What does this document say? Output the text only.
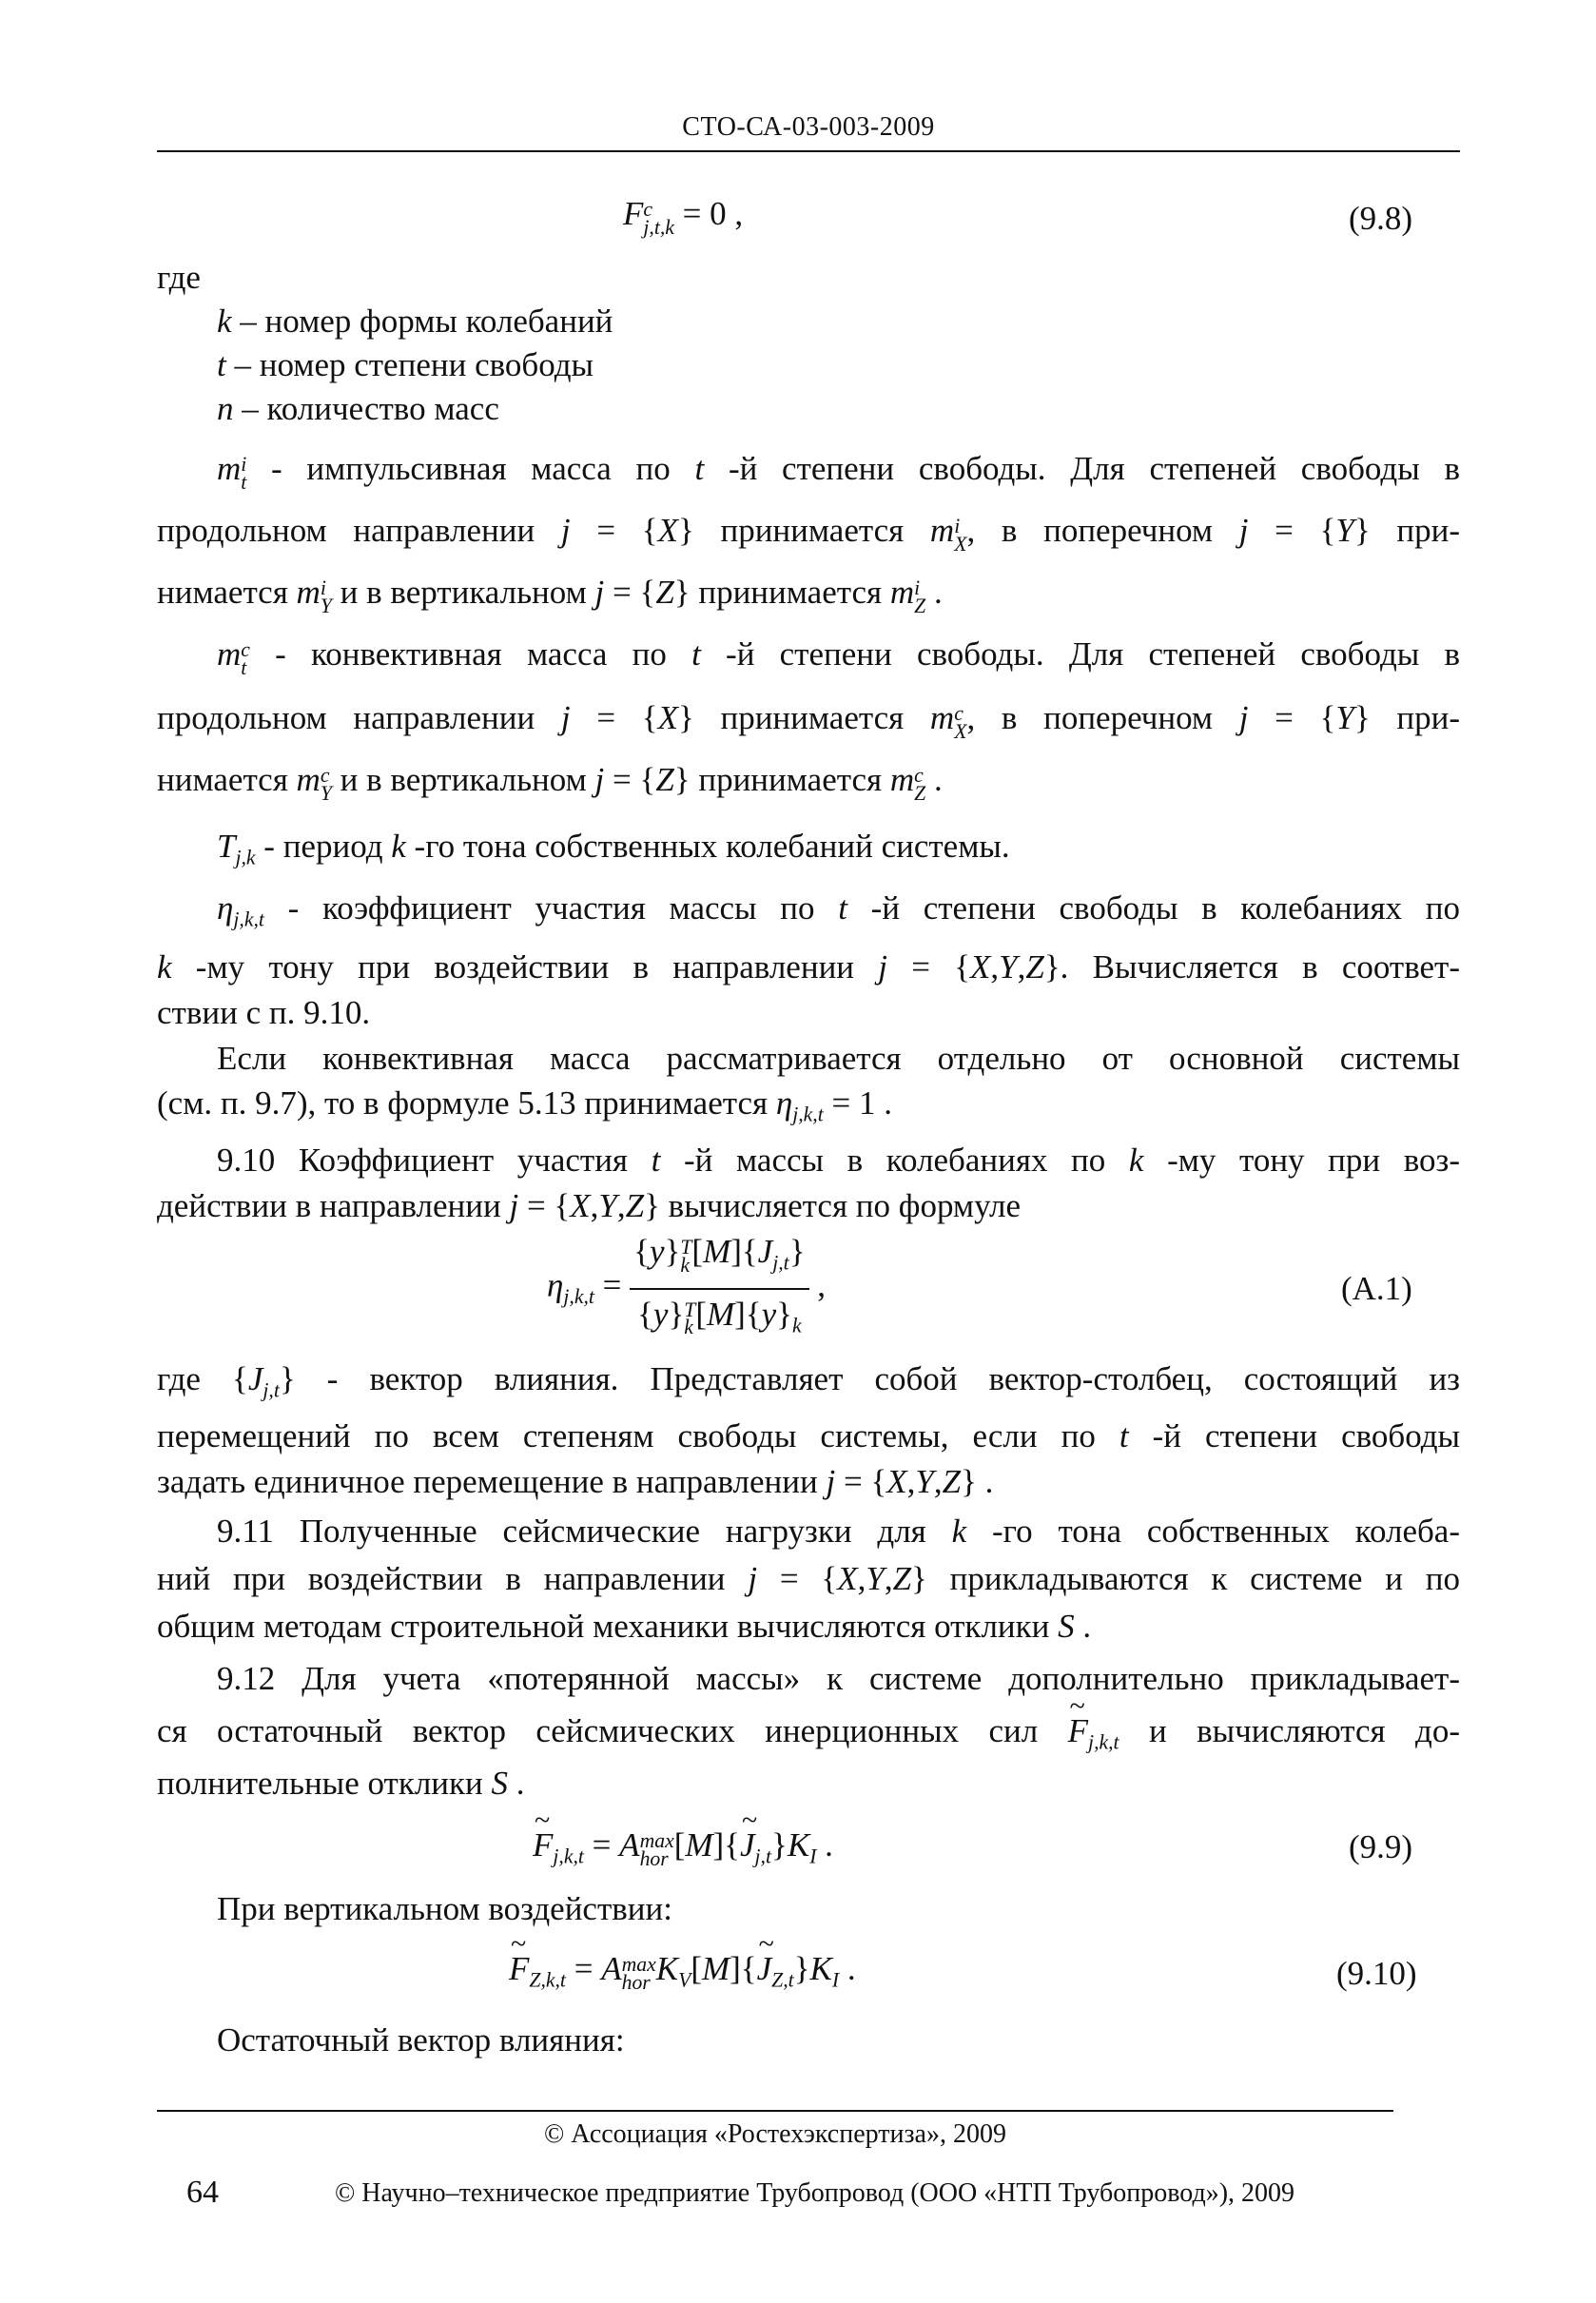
СТО-СА-03-003-2009
Fc
j,t,k = 0 ,	(9.8)
где
k – номер формы колебаний
t – номер степени свободы
n – количество масс
mi
t - импульсивная масса по t -й степени свободы. Для степеней свободы в
продольном направлении j = {X} принимается mi
X, в поперечном j = {Y} при-
нимается mi
Y и в вертикальном j = {Z} принимается mi
Z .
mc
t - конвективная масса по t -й степени свободы. Для степеней свободы в
продольном направлении j = {X} принимается mc
X, в поперечном j = {Y} при-
нимается mc
Y и в вертикальном j = {Z} принимается mc
Z .
$T_{j,k}$ - период k -го тона собственных колебаний системы.
$\eta_{j,k,t}$ - коэффициент участия массы по t -й степени свободы в колебаниях по
k -му тону при воздействии в направлении j = {X,Y,Z}. Вычисляется в соответ-
ствии с п. 9.10.
Если конвективная масса рассматривается отдельно от основной системы
(см. п. 9.7), то в формуле 5.13 принимается $\eta_{j,k,t} = 1$ .
9.10 Коэффициент участия t -й массы в колебаниях по k -му тону при воз-
действии в направлении j = {X,Y,Z} вычисляется по формуле
$\eta_{j,k,t}$ =
{y}T
$k[M]\{J_{j,t}\}$
{y}T
$k[M]\{y\}_k$
,	(A.1)
где $\{J_{j,t}\}$ - вектор влияния. Представляет собой вектор-столбец, состоящий из
перемещений по всем степеням свободы системы, если по t -й степени свободы
задать единичное перемещение в направлении j = {X,Y,Z} .
9.11 Полученные сейсмические нагрузки для k -го тона собственных колеба-
ний при воздействии в направлении j = {X,Y,Z} прикладываются к системе и по
общим методам строительной механики вычисляются отклики S .
9.12 Для учета «потерянной массы» к системе дополнительно прикладывает-
ся остаточный вектор сейсмических инерционных сил ~ $F_{j,k,t}$ и вычисляются до-
полнительные отклики S .
~ $F_{j,k,t} = Amax$
hor [M]{~ $J_{j,t}\}K_I$ .	(9.9)
При вертикальном воздействии:
~ $F_{Z,k,t} = Amax$
hor $K_V[M]\{\sim$ $J_{Z,t}\}K_I$ .	(9.10)
Остаточный вектор влияния:
© Ассоциация «Ростехэкспертиза», 2009
64	© Научно–техническое предприятие Трубопровод (ООО «НТП Трубопровод»), 2009
